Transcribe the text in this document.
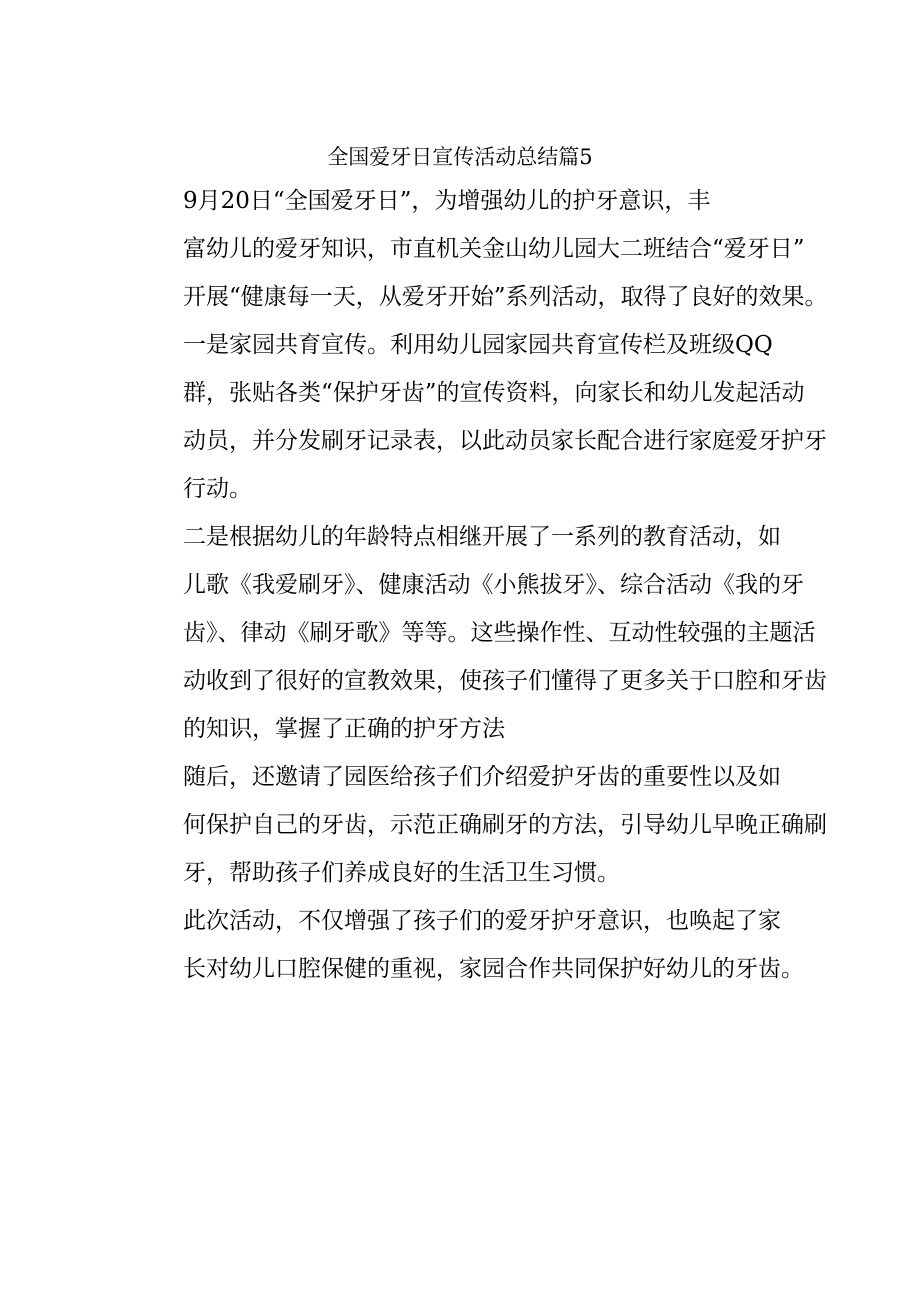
全国爱牙日宣传活动总结篇5

9月20日“全国爱牙日”，为增强幼儿的护牙意识，丰
富幼儿的爱牙知识，市直机关金山幼儿园大二班结合“爱牙日”
开展“健康每一天，从爱牙开始”系列活动，取得了良好的效果。

一是家园共育宣传。利用幼儿园家园共育宣传栏及班级QQ
群，张贴各类“保护牙齿”的宣传资料，向家长和幼儿发起活动
动员，并分发刷牙记录表，以此动员家长配合进行家庭爱牙护牙
行动。

二是根据幼儿的年龄特点相继开展了一系列的教育活动，如
儿歌《我爱刷牙》、健康活动《小熊拔牙》、综合活动《我的牙
齿》、律动《刷牙歌》等等。这些操作性、互动性较强的主题活
动收到了很好的宣教效果，使孩子们懂得了更多关于口腔和牙齿
的知识，掌握了正确的护牙方法

随后，还邀请了园医给孩子们介绍爱护牙齿的重要性以及如
何保护自己的牙齿，示范正确刷牙的方法，引导幼儿早晚正确刷
牙，帮助孩子们养成良好的生活卫生习惯。

此次活动，不仅增强了孩子们的爱牙护牙意识，也唤起了家
长对幼儿口腔保健的重视，家园合作共同保护好幼儿的牙齿。
